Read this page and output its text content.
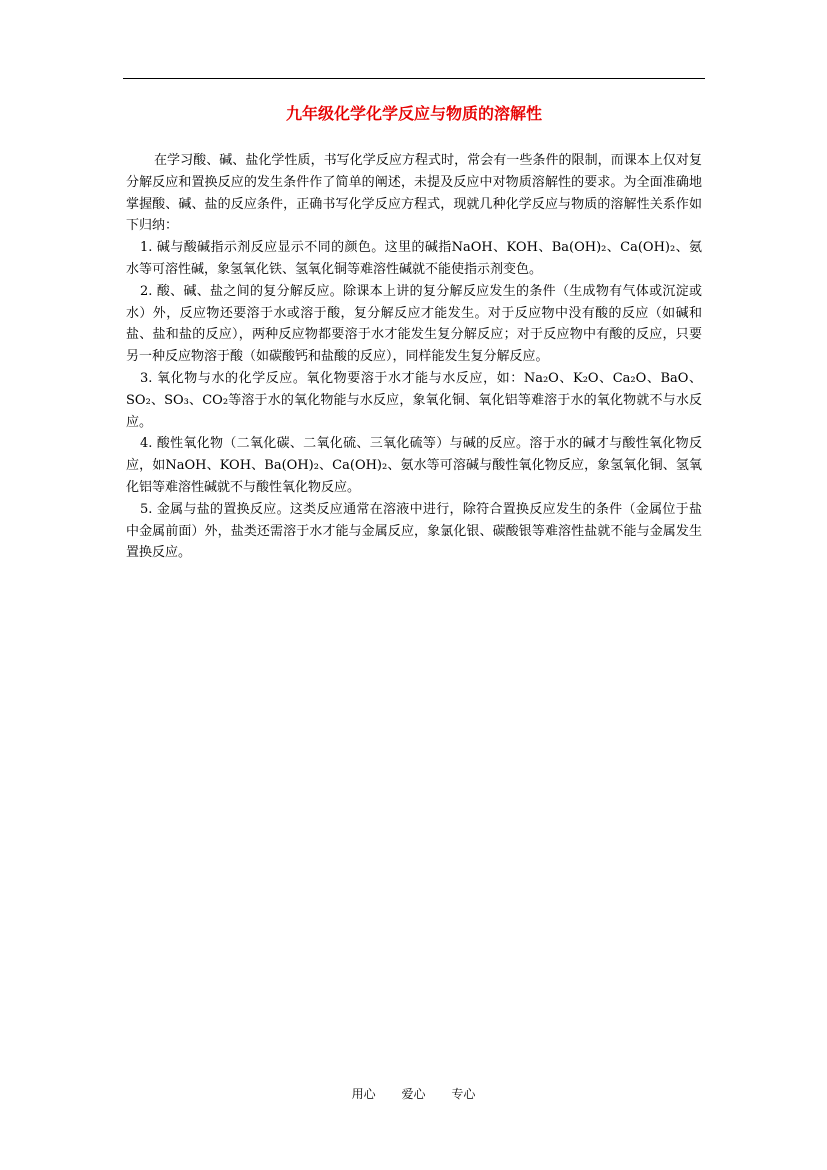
九年级化学化学反应与物质的溶解性

在学习酸、碱、盐化学性质，书写化学反应方程式时，常会有一些条件的限制，而课本上仅对复分解反应和置换反应的发生条件作了简单的阐述，未提及反应中对物质溶解性的要求。为全面准确地掌握酸、碱、盐的反应条件，正确书写化学反应方程式，现就几种化学反应与物质的溶解性关系作如下归纳：

1. 碱与酸碱指示剂反应显示不同的颜色。这里的碱指NaOH、KOH、Ba(OH)₂、Ca(OH)₂、氨水等可溶性碱，象氢氧化铁、氢氧化铜等难溶性碱就不能使指示剂变色。

2. 酸、碱、盐之间的复分解反应。除课本上讲的复分解反应发生的条件（生成物有气体或沉淀或水）外，反应物还要溶于水或溶于酸，复分解反应才能发生。对于反应物中没有酸的反应（如碱和盐、盐和盐的反应），两种反应物都要溶于水才能发生复分解反应；对于反应物中有酸的反应，只要另一种反应物溶于酸（如碳酸钙和盐酸的反应），同样能发生复分解反应。

3. 氧化物与水的化学反应。氧化物要溶于水才能与水反应，如：Na₂O、K₂O、Ca₂O、BaO、SO₂、SO₃、CO₂等溶于水的氧化物能与水反应，象氧化铜、氧化铝等难溶于水的氧化物就不与水反应。

4. 酸性氧化物（二氧化碳、二氧化硫、三氧化硫等）与碱的反应。溶于水的碱才与酸性氧化物反应，如NaOH、KOH、Ba(OH)₂、Ca(OH)₂、氨水等可溶碱与酸性氧化物反应，象氢氧化铜、氢氧化铝等难溶性碱就不与酸性氧化物反应。

5. 金属与盐的置换反应。这类反应通常在溶液中进行，除符合置换反应发生的条件（金属位于盐中金属前面）外，盐类还需溶于水才能与金属反应，象氯化银、碳酸银等难溶性盐就不能与金属发生置换反应。

用心 爱心 专心
